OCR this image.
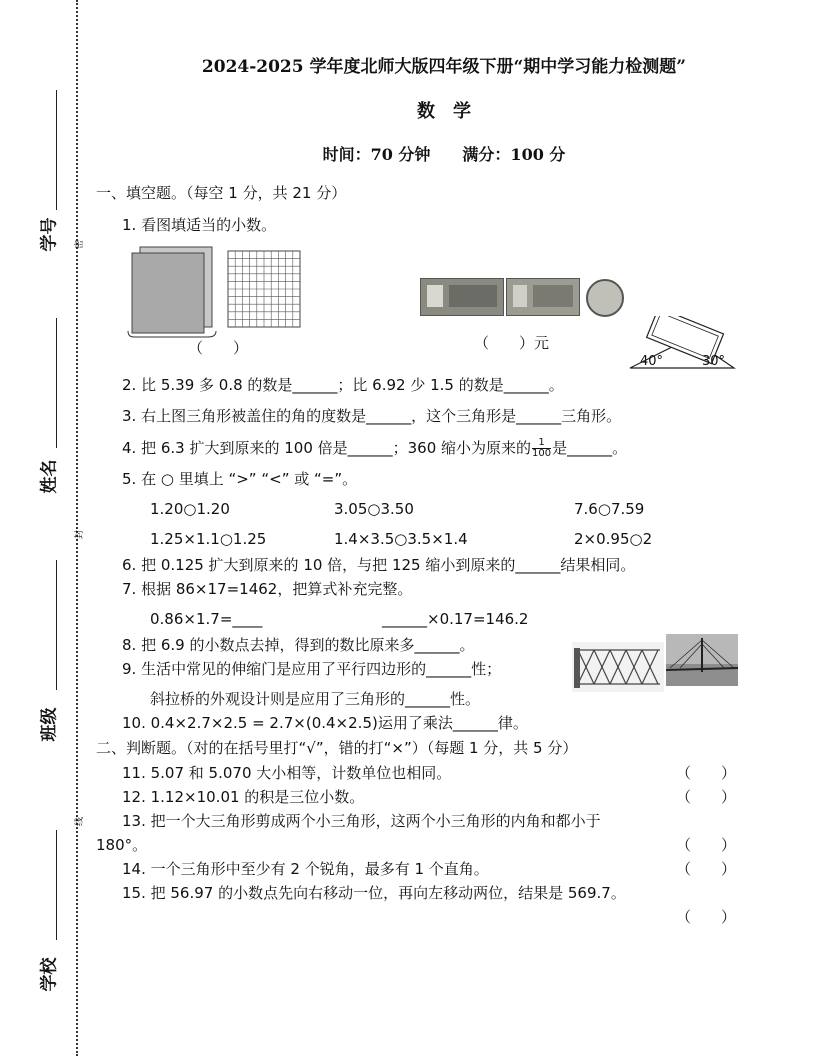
学号	密
姓名
封
班级
线
学校
2024-2025 学年度北师大版四年级下册“期中学习能力检测题”
数　学
时间：70 分钟　　满分：100 分
一、填空题。（每空 1 分，共 21 分）
1. 看图填适当的小数。
（　　）	（　　）元
40°	30°
2. 比 5.39 多 0.8 的数是______；比 6.92 少 1.5 的数是______。
3. 右上图三角形被盖住的角的度数是______，这个三角形是______三角形。
4. 把 6.3 扩大到原来的 100 倍是______；360 缩小为原来的 $\frac{1}{100}$ 是______。
5. 在 ○ 里填上 “>” “<” 或 “=”。
1.20○1.20	3.05○3.50	7.6○7.59
1.25×1.1○1.25	1.4×3.5○3.5×1.4	2×0.95○2
6. 把 0.125 扩大到原来的 10 倍，与把 125 缩小到原来的______结果相同。
7. 根据 86×17=1462，把算式补充完整。
0.86×1.7=____	______×0.17=146.2
8. 把 6.9 的小数点去掉，得到的数比原来多______。
9. 生活中常见的伸缩门是应用了平行四边形的______性；
斜拉桥的外观设计则是应用了三角形的______性。
10. 0.4×2.7×2.5 = 2.7×(0.4×2.5)运用了乘法______律。
二、判断题。（对的在括号里打“√”，错的打“×”）（每题 1 分，共 5 分）
11. 5.07 和 5.070 大小相等，计数单位也相同。	（　　）
12. 1.12×10.01 的积是三位小数。	（　　）
13. 把一个大三角形剪成两个小三角形，这两个小三角形的内角和都小于
180°。	（　　）
14. 一个三角形中至少有 2 个锐角，最多有 1 个直角。	（　　）
15. 把 56.97 的小数点先向右移动一位，再向左移动两位，结果是 569.7。
（　　）
